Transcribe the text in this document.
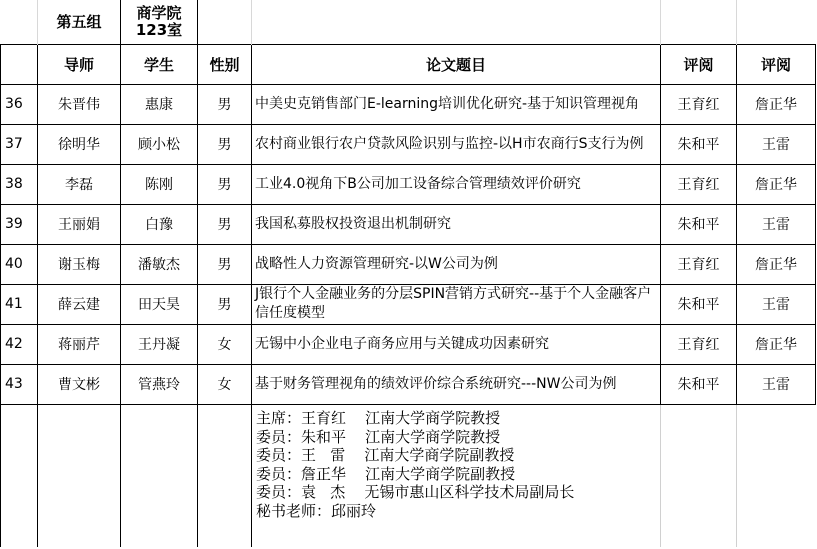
	第五组	商学院123室				
	导师	学生	性别	论文题目	评阅	评阅
36	朱晋伟	惠康	男	中美史克销售部门E-learning培训优化研究-基于知识管理视角	王育红	詹正华
37	徐明华	顾小松	男	农村商业银行农户贷款风险识别与监控-以H市农商行S支行为例	朱和平	王雷
38	李磊	陈刚	男	工业4.0视角下B公司加工设备综合管理绩效评价研究	王育红	詹正华
39	王丽娟	白豫	男	我国私募股权投资退出机制研究	朱和平	王雷
40	谢玉梅	潘敏杰	男	战略性人力资源管理研究-以W公司为例	王育红	詹正华
41	薛云建	田天昊	男	J银行个人金融业务的分层SPIN营销方式研究--基于个人金融客户信任度模型	朱和平	王雷
42	蒋丽芹	王丹凝	女	无锡中小企业电子商务应用与关键成功因素研究	王育红	詹正华
43	曹文彬	管燕玲	女	基于财务管理视角的绩效评价综合系统研究---NW公司为例	朱和平	王雷

主席：王育红    江南大学商学院教授
委员：朱和平    江南大学商学院教授
委员：王   雷    江南大学商学院副教授
委员：詹正华    江南大学商学院副教授
委员：袁   杰    无锡市惠山区科学技术局副局长
秘书老师：邱丽玲
